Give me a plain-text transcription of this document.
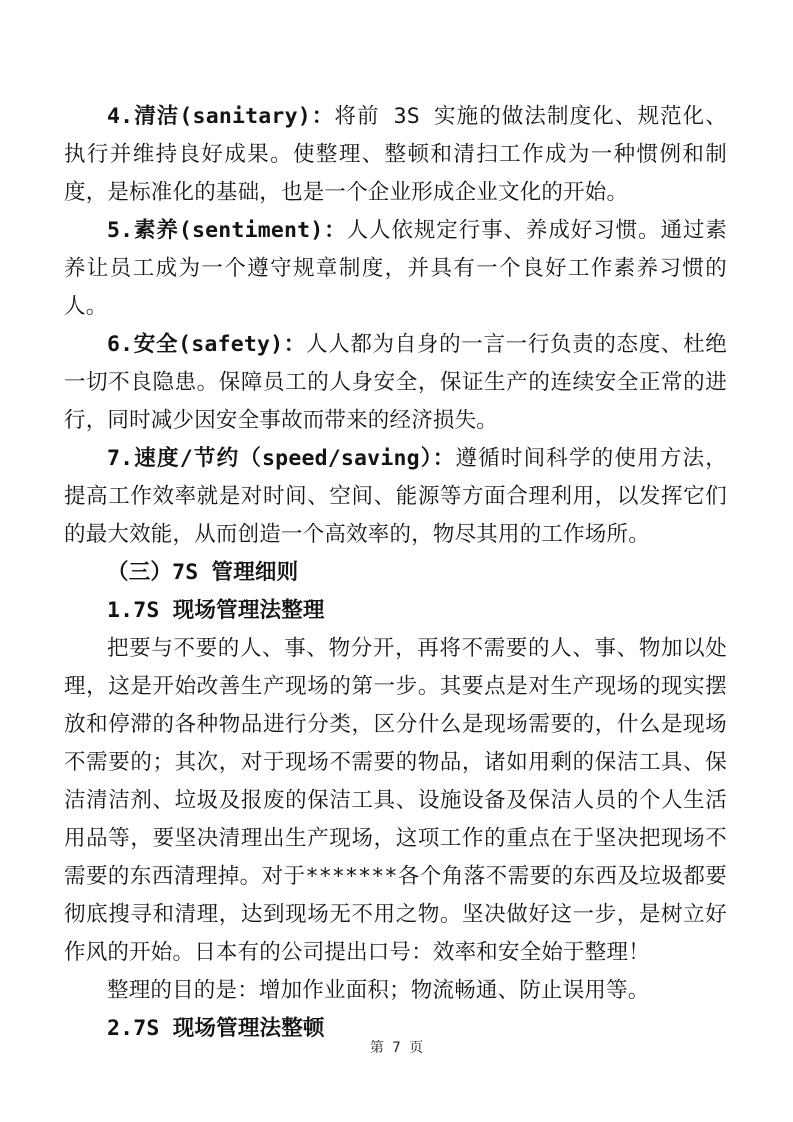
4.清洁(sanitary)：将前 3S 实施的做法制度化、规范化、执行并维持良好成果。使整理、整顿和清扫工作成为一种惯例和制度，是标准化的基础，也是一个企业形成企业文化的开始。

5.素养(sentiment)：人人依规定行事、养成好习惯。通过素养让员工成为一个遵守规章制度，并具有一个良好工作素养习惯的人。

6.安全(safety)：人人都为自身的一言一行负责的态度、杜绝一切不良隐患。保障员工的人身安全，保证生产的连续安全正常的进行，同时减少因安全事故而带来的经济损失。

7.速度/节约（speed/saving）：遵循时间科学的使用方法，提高工作效率就是对时间、空间、能源等方面合理利用，以发挥它们的最大效能，从而创造一个高效率的，物尽其用的工作场所。

（三）7S 管理细则

1.7S 现场管理法整理

把要与不要的人、事、物分开，再将不需要的人、事、物加以处理，这是开始改善生产现场的第一步。其要点是对生产现场的现实摆放和停滞的各种物品进行分类，区分什么是现场需要的，什么是现场不需要的；其次，对于现场不需要的物品，诸如用剩的保洁工具、保洁清洁剂、垃圾及报废的保洁工具、设施设备及保洁人员的个人生活用品等，要坚决清理出生产现场，这项工作的重点在于坚决把现场不需要的东西清理掉。对于*******各个角落不需要的东西及垃圾都要彻底搜寻和清理，达到现场无不用之物。坚决做好这一步，是树立好作风的开始。日本有的公司提出口号：效率和安全始于整理！

整理的目的是：增加作业面积；物流畅通、防止误用等。

2.7S 现场管理法整顿

第 7 页
